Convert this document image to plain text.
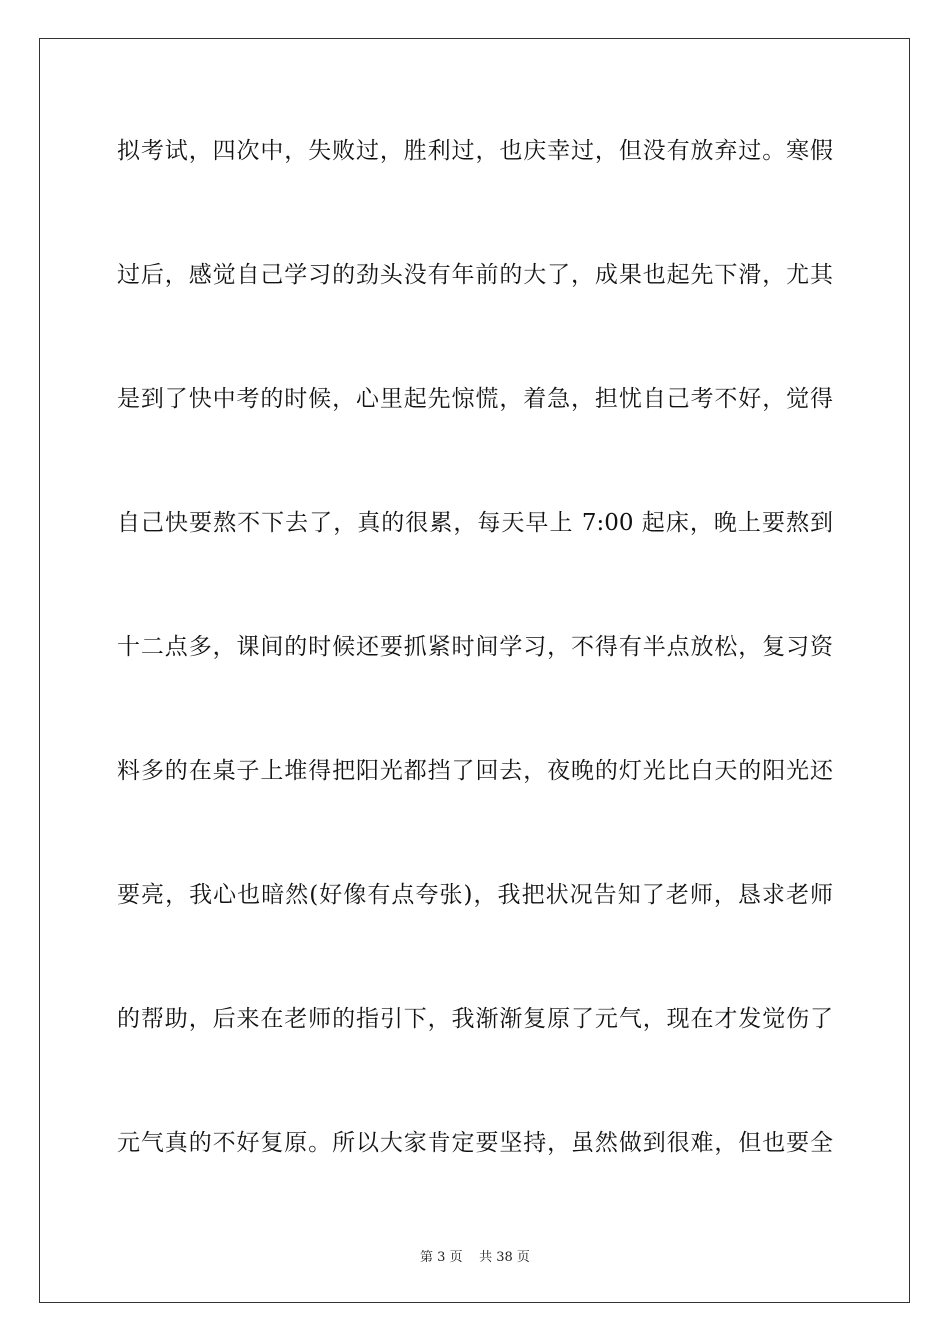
拟考试，四次中，失败过，胜利过，也庆幸过，但没有放弃过。寒假
过后，感觉自己学习的劲头没有年前的大了，成果也起先下滑，尤其
是到了快中考的时候，心里起先惊慌，着急，担忧自己考不好，觉得
自己快要熬不下去了，真的很累，每天早上 7:00 起床，晚上要熬到
十二点多，课间的时候还要抓紧时间学习，不得有半点放松，复习资
料多的在桌子上堆得把阳光都挡了回去，夜晚的灯光比白天的阳光还
要亮，我心也暗然(好像有点夸张)，我把状况告知了老师，恳求老师
的帮助，后来在老师的指引下，我渐渐复原了元气，现在才发觉伤了
元气真的不好复原。所以大家肯定要坚持，虽然做到很难，但也要全
第 3 页 共 38 页
